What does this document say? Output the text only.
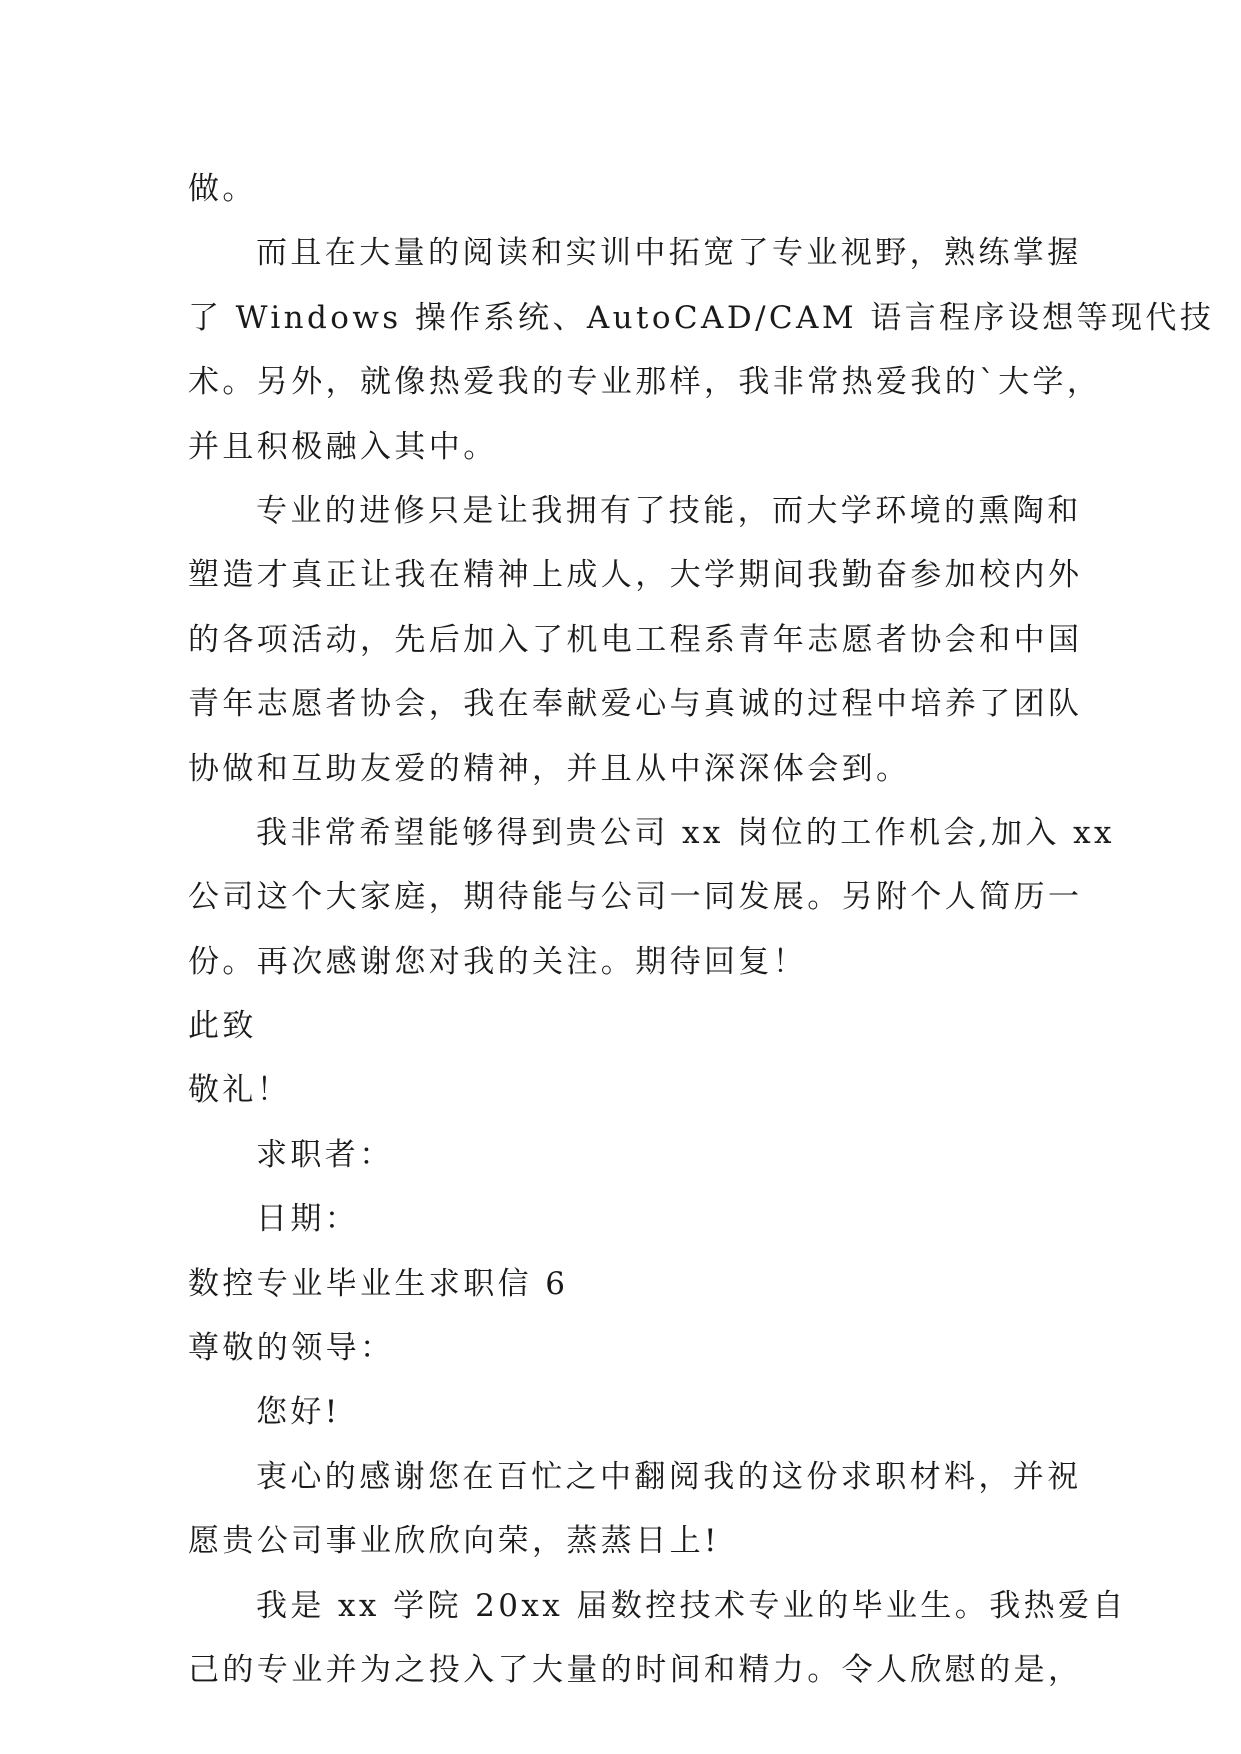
做。
而且在大量的阅读和实训中拓宽了专业视野，熟练掌握
了 Windows 操作系统、AutoCAD/CAM 语言程序设想等现代技
术。另外，就像热爱我的专业那样，我非常热爱我的`大学，
并且积极融入其中。
专业的进修只是让我拥有了技能，而大学环境的熏陶和
塑造才真正让我在精神上成人，大学期间我勤奋参加校内外
的各项活动，先后加入了机电工程系青年志愿者协会和中国
青年志愿者协会，我在奉献爱心与真诚的过程中培养了团队
协做和互助友爱的精神，并且从中深深体会到。
我非常希望能够得到贵公司 xx 岗位的工作机会,加入 xx
公司这个大家庭，期待能与公司一同发展。另附个人简历一
份。再次感谢您对我的关注。期待回复！
此致
敬礼！
求职者：
日期：
数控专业毕业生求职信 6
尊敬的领导：
您好!
衷心的感谢您在百忙之中翻阅我的这份求职材料，并祝
愿贵公司事业欣欣向荣，蒸蒸日上!
我是 xx 学院 20xx 届数控技术专业的毕业生。我热爱自
己的专业并为之投入了大量的时间和精力。令人欣慰的是，
